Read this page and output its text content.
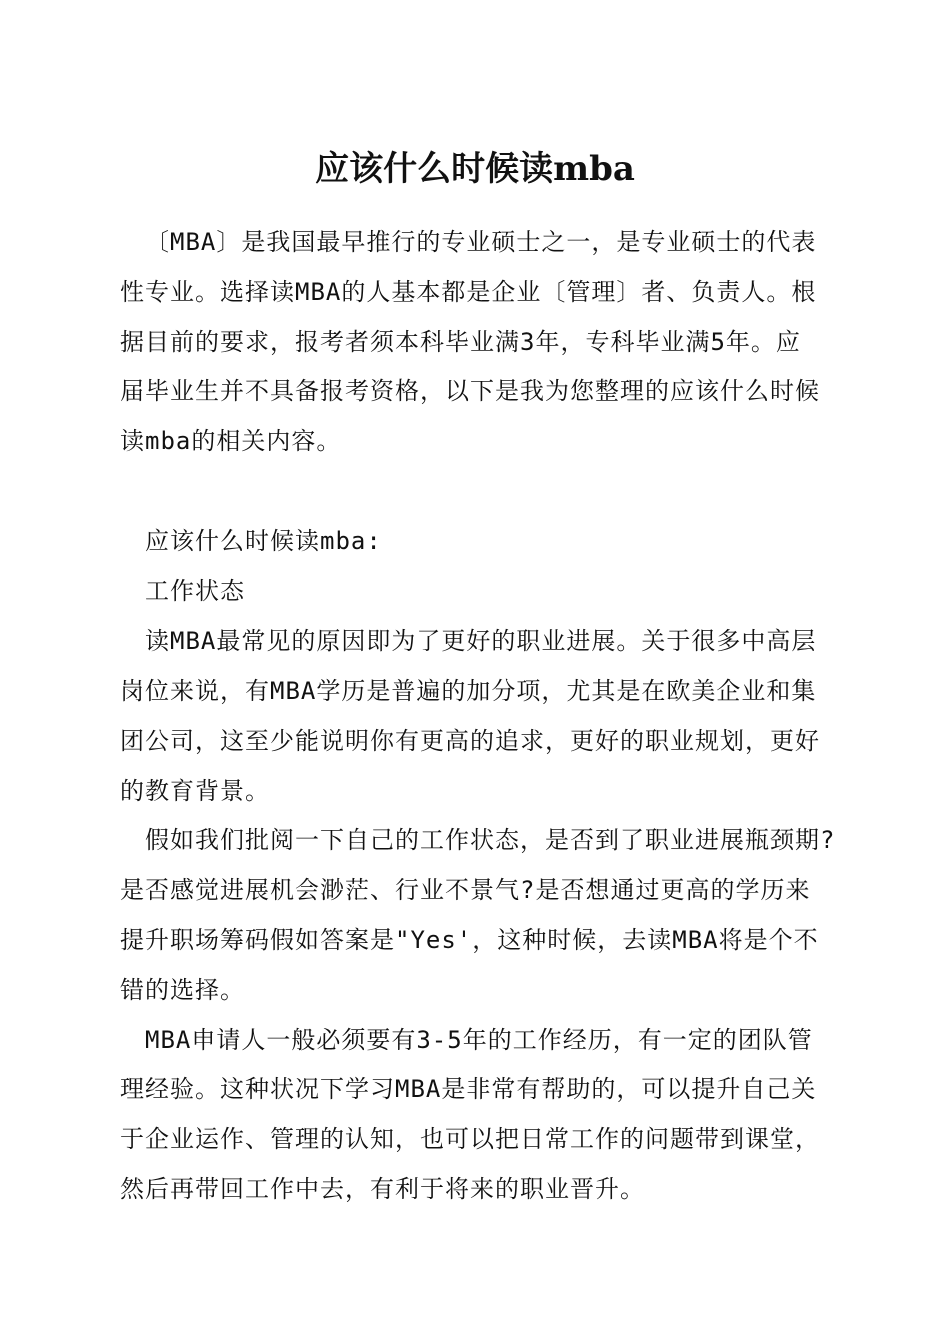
应该什么时候读mba
〔MBA〕是我国最早推行的专业硕士之一，是专业硕士的代表
性专业。选择读MBA的人基本都是企业〔管理〕者、负责人。根
据目前的要求，报考者须本科毕业满3年，专科毕业满5年。应
届毕业生并不具备报考资格，以下是我为您整理的应该什么时候
读mba的相关内容。
应该什么时候读mba:
工作状态
读MBA最常见的原因即为了更好的职业进展。关于很多中高层
岗位来说，有MBA学历是普遍的加分项，尤其是在欧美企业和集
团公司，这至少能说明你有更高的追求，更好的职业规划，更好
的教育背景。
假如我们批阅一下自己的工作状态，是否到了职业进展瓶颈期?
是否感觉进展机会渺茫、行业不景气?是否想通过更高的学历来
提升职场筹码假如答案是"Yes'，这种时候，去读MBA将是个不
错的选择。
MBA申请人一般必须要有3-5年的工作经历，有一定的团队管
理经验。这种状况下学习MBA是非常有帮助的，可以提升自己关
于企业运作、管理的认知，也可以把日常工作的问题带到课堂，
然后再带回工作中去，有利于将来的职业晋升。
